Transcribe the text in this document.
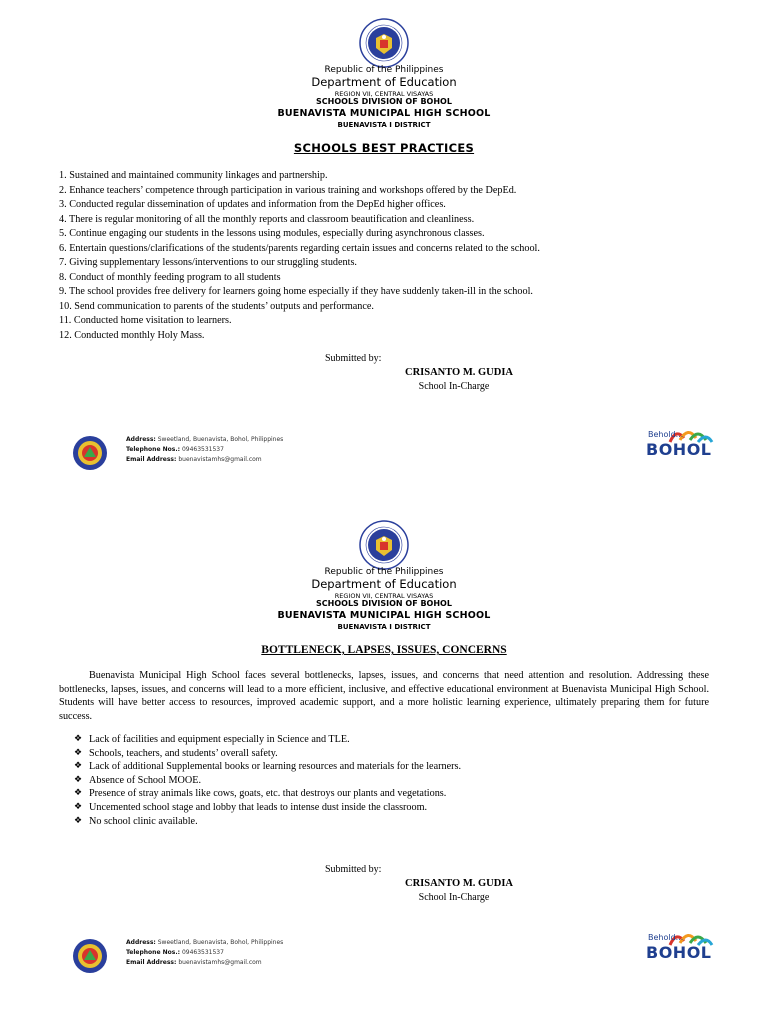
Republic of the Philippines
Department of Education
REGION VII, CENTRAL VISAYAS
SCHOOLS DIVISION OF BOHOL
BUENAVISTA MUNICIPAL HIGH SCHOOL
BUENAVISTA I DISTRICT
SCHOOLS BEST PRACTICES
1. Sustained and maintained community linkages and partnership.
2. Enhance teachers’ competence through participation in various training and workshops offered by the DepEd.
3. Conducted regular dissemination of updates and information from the DepEd higher offices.
4. There is regular monitoring of all the monthly reports and classroom beautification and cleanliness.
5. Continue engaging our students in the lessons using modules, especially during asynchronous classes.
6. Entertain questions/clarifications of the students/parents regarding certain issues and concerns related to the school.
7. Giving supplementary lessons/interventions to our struggling students.
8. Conduct of monthly feeding program to all students
9. The school provides free delivery for learners going home especially if they have suddenly taken-ill in the school.
10. Send communication to parents of the students’ outputs and performance.
11. Conducted home visitation to learners.
12. Conducted monthly Holy Mass.
Submitted by:
CRISANTO M. GUDIA
School In-Charge
Address: Sweetland, Buenavista, Bohol, Philippines
Telephone Nos.: 09463531537
Email Address: buenavistamhs@gmail.com
Behold...
BOHOL
Republic of the Philippines
Department of Education
REGION VII, CENTRAL VISAYAS
SCHOOLS DIVISION OF BOHOL
BUENAVISTA MUNICIPAL HIGH SCHOOL
BUENAVISTA I DISTRICT
BOTTLENECK, LAPSES, ISSUES, CONCERNS
Buenavista Municipal High School faces several bottlenecks, lapses, issues, and concerns that need attention and resolution. Addressing these bottlenecks, lapses, issues, and concerns will lead to a more efficient, inclusive, and effective educational environment at Buenavista Municipal High School. Students will have better access to resources, improved academic support, and a more holistic learning experience, ultimately preparing them for future success.
❖ Lack of facilities and equipment especially in Science and TLE.
❖ Schools, teachers, and students’ overall safety.
❖ Lack of additional Supplemental books or learning resources and materials for the learners.
❖ Absence of School MOOE.
❖ Presence of stray animals like cows, goats, etc. that destroys our plants and vegetations.
❖ Uncemented school stage and lobby that leads to intense dust inside the classroom.
❖ No school clinic available.
Submitted by:
CRISANTO M. GUDIA
School In-Charge
Address: Sweetland, Buenavista, Bohol, Philippines
Telephone Nos.: 09463531537
Email Address: buenavistamhs@gmail.com
Behold...
BOHOL
